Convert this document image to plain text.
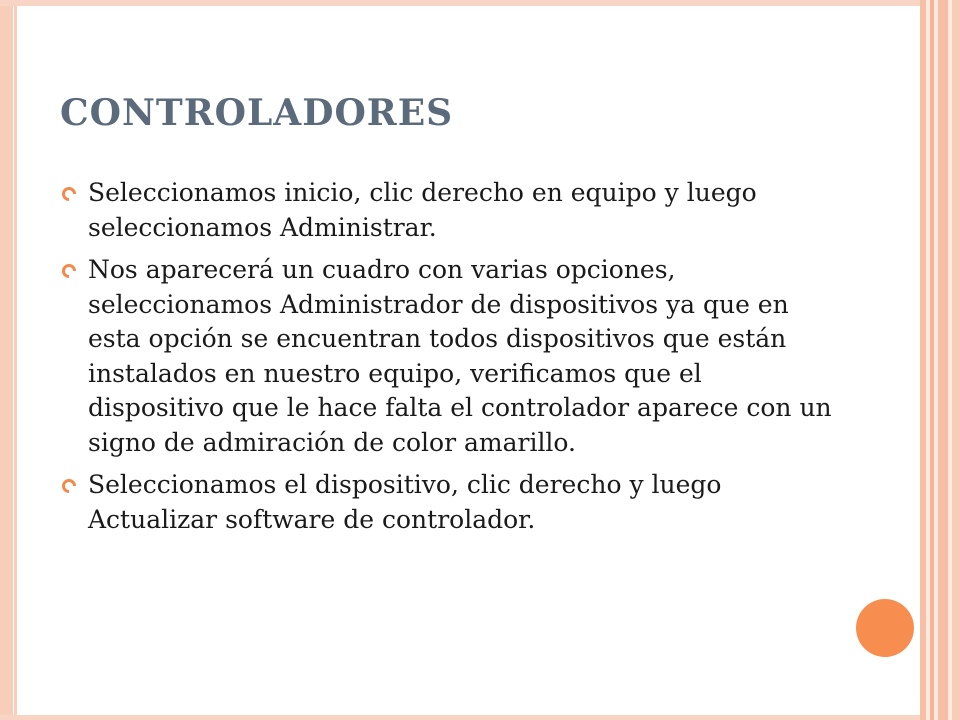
CONTROLADORES
Seleccionamos inicio, clic derecho en equipo y luego seleccionamos Administrar.
Nos aparecerá un cuadro con varias opciones, seleccionamos Administrador de dispositivos ya que en esta opción se encuentran todos dispositivos que están instalados en nuestro equipo, verificamos que el dispositivo que le hace falta el controlador aparece con un signo de admiración de color amarillo.
Seleccionamos el dispositivo, clic derecho y luego Actualizar software de controlador.
